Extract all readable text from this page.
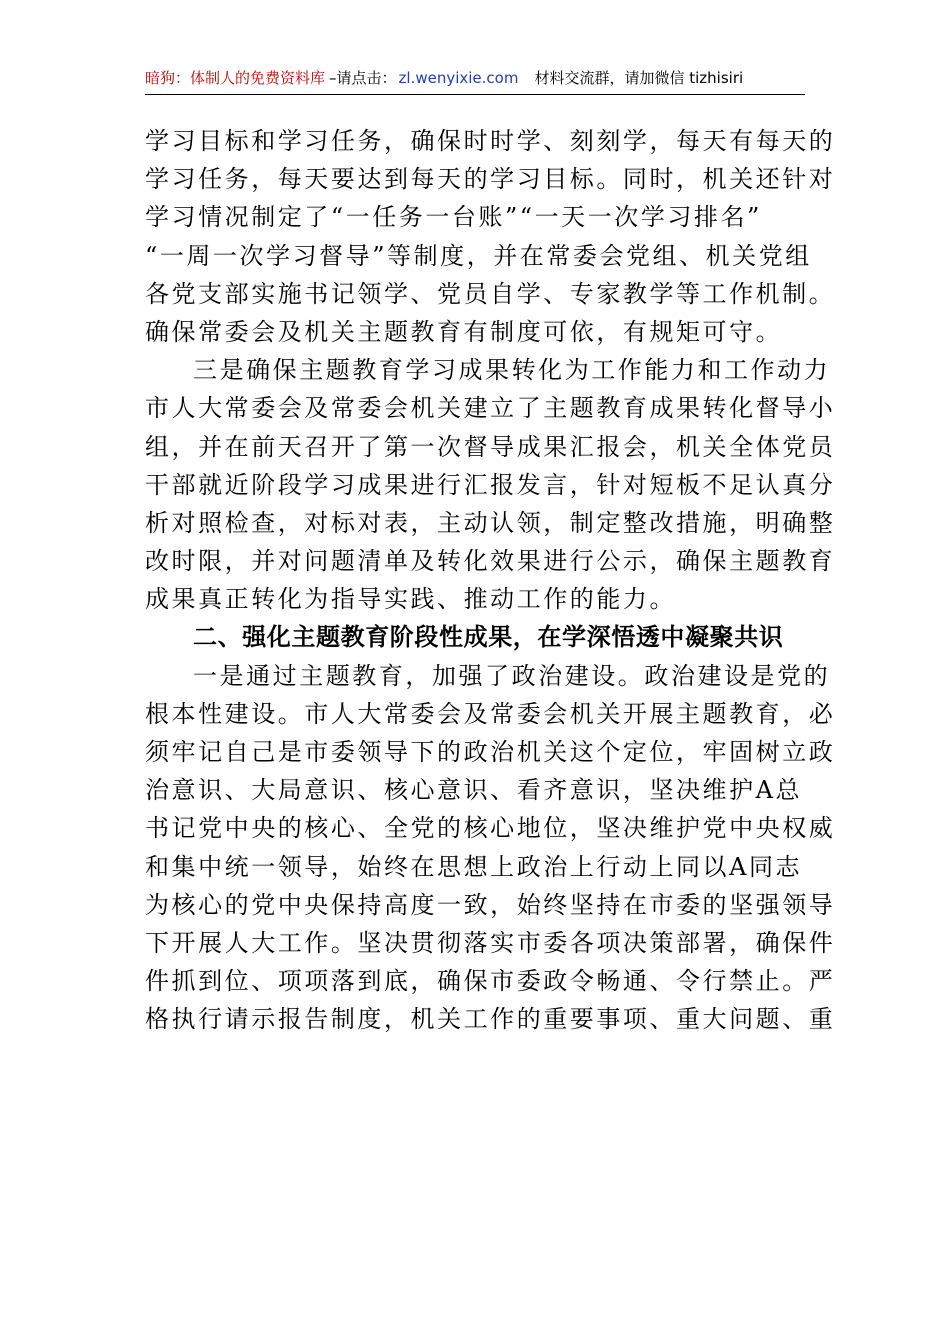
暗狗：体制人的免费资料库 –请点击： zl.wenyixie.com 材料交流群，请加微信 tizhisiri
学习目标和学习任务，确保时时学、刻刻学，每天有每天的
学习任务，每天要达到每天的学习目标。同时，机关还针对
学习情况制定了“一任务一台账”“一天一次学习排名”
“一周一次学习督导”等制度，并在常委会党组、机关党组
各党支部实施书记领学、党员自学、专家教学等工作机制。
确保常委会及机关主题教育有制度可依，有规矩可守。
三是确保主题教育学习成果转化为工作能力和工作动力
市人大常委会及常委会机关建立了主题教育成果转化督导小
组，并在前天召开了第一次督导成果汇报会，机关全体党员
干部就近阶段学习成果进行汇报发言，针对短板不足认真分
析对照检查，对标对表，主动认领，制定整改措施，明确整
改时限，并对问题清单及转化效果进行公示，确保主题教育
成果真正转化为指导实践、推动工作的能力。
二、强化主题教育阶段性成果，在学深悟透中凝聚共识
一是通过主题教育，加强了政治建设。政治建设是党的
根本性建设。市人大常委会及常委会机关开展主题教育，必
须牢记自己是市委领导下的政治机关这个定位，牢固树立政
治意识、大局意识、核心意识、看齐意识，坚决维护A总
书记党中央的核心、全党的核心地位，坚决维护党中央权威
和集中统一领导，始终在思想上政治上行动上同以A同志
为核心的党中央保持高度一致，始终坚持在市委的坚强领导
下开展人大工作。坚决贯彻落实市委各项决策部署，确保件
件抓到位、项项落到底，确保市委政令畅通、令行禁止。严
格执行请示报告制度，机关工作的重要事项、重大问题、重
